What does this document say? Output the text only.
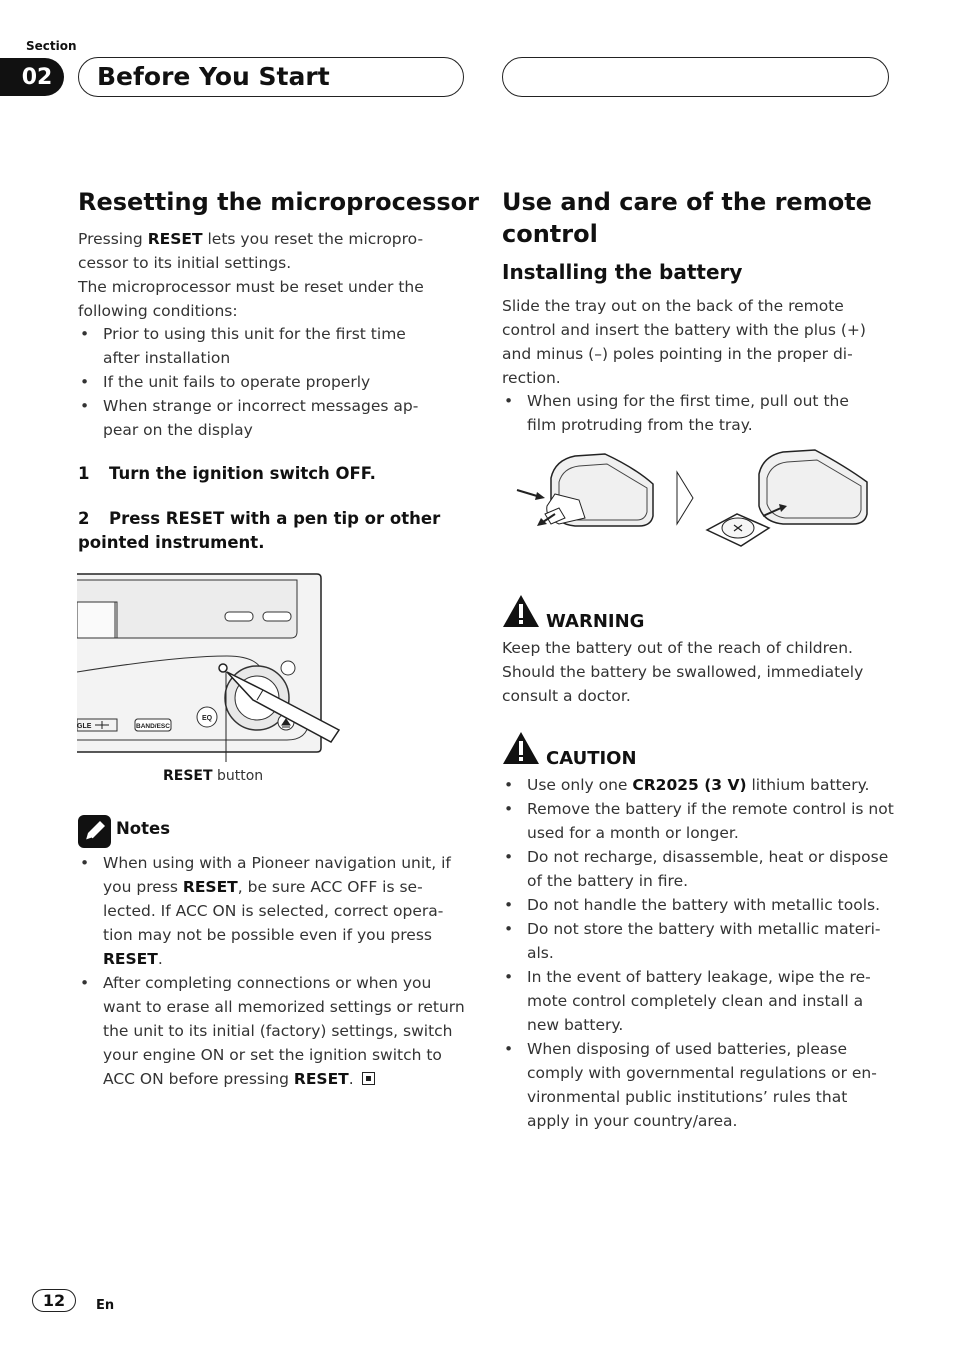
Section
02	Before You Start
Resetting the microprocessor

Pressing RESET lets you reset the micropro-

cessor to its initial settings.

The microprocessor must be reset under the

following conditions:

• Prior to using this unit for the first time
after installation
• If the unit fails to operate properly
• When strange or incorrect messages ap-
pear on the display
1 Turn the ignition switch OFF.
2 Press RESET with a pen tip or other
pointed instrument.
EQ
GLE	BAND/ESC
RESET button
Notes
• When using with a Pioneer navigation unit, if
you press RESET, be sure ACC OFF is se-
lected. If ACC ON is selected, correct opera-
tion may not be possible even if you press
RESET.
• After completing connections or when you
want to erase all memorized settings or return
the unit to its initial (factory) settings, switch
your engine ON or set the ignition switch to
ACC ON before pressing RESET.
Use and care of the remote
control
Installing the battery

Slide the tray out on the back of the remote

control and insert the battery with the plus (+)

and minus (–) poles pointing in the proper di-

rection.

• When using for the first time, pull out the
film protruding from the tray.
WARNING

Keep the battery out of the reach of children.

Should the battery be swallowed, immediately

consult a doctor.

CAUTION
• Use only one CR2025 (3 V) lithium battery.
• Remove the battery if the remote control is not
used for a month or longer.
• Do not recharge, disassemble, heat or dispose
of the battery in fire.
• Do not handle the battery with metallic tools.
• Do not store the battery with metallic materi-
als.
• In the event of battery leakage, wipe the re-
mote control completely clean and install a
new battery.
• When disposing of used batteries, please
comply with governmental regulations or en-
vironmental public institutions’ rules that
apply in your country/area.
12	En
